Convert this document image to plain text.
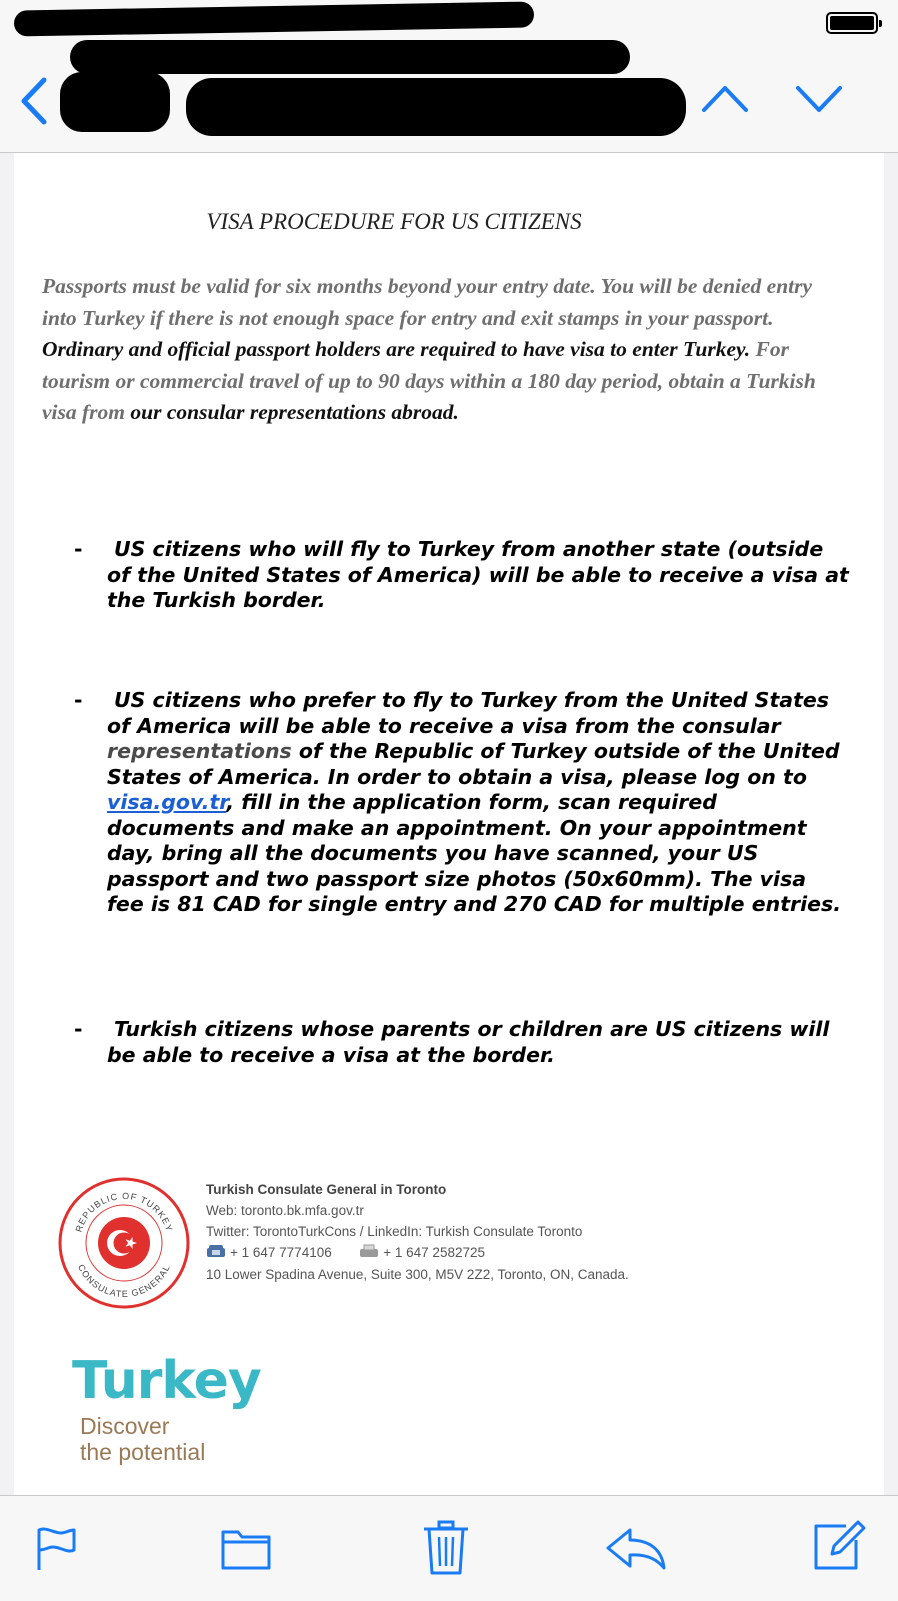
VISA PROCEDURE FOR US CITIZENS
Passports must be valid for six months beyond your entry date. You will be denied entry into Turkey if there is not enough space for entry and exit stamps in your passport.
Ordinary and official passport holders are required to have visa to enter Turkey. For tourism or commercial travel of up to 90 days within a 180 day period, obtain a Turkish visa from our consular representations abroad.
-	US citizens who will fly to Turkey from another state (outside of the United States of America) will be able to receive a visa at the Turkish border.
-	US citizens who prefer to fly to Turkey from the United States of America will be able to receive a visa from the consular representations of the Republic of Turkey outside of the United States of America. In order to obtain a visa, please log on to visa.gov.tr, fill in the application form, scan required documents and make an appointment. On your appointment day, bring all the documents you have scanned, your US passport and two passport size photos (50x60mm). The visa fee is 81 CAD for single entry and 270 CAD for multiple entries.
-	Turkish citizens whose parents or children are US citizens will be able to receive a visa at the border.
REPUBLIC OF TURKEY
CONSULATE GENERAL
Turkish Consulate General in Toronto
Web: toronto.bk.mfa.gov.tr
Twitter: TorontoTurkCons / LinkedIn: Turkish Consulate Toronto
+ 1 647 7774106	+ 1 647 2582725
10 Lower Spadina Avenue, Suite 300, M5V 2Z2, Toronto, ON, Canada.
Turkey
Discover
the potential
